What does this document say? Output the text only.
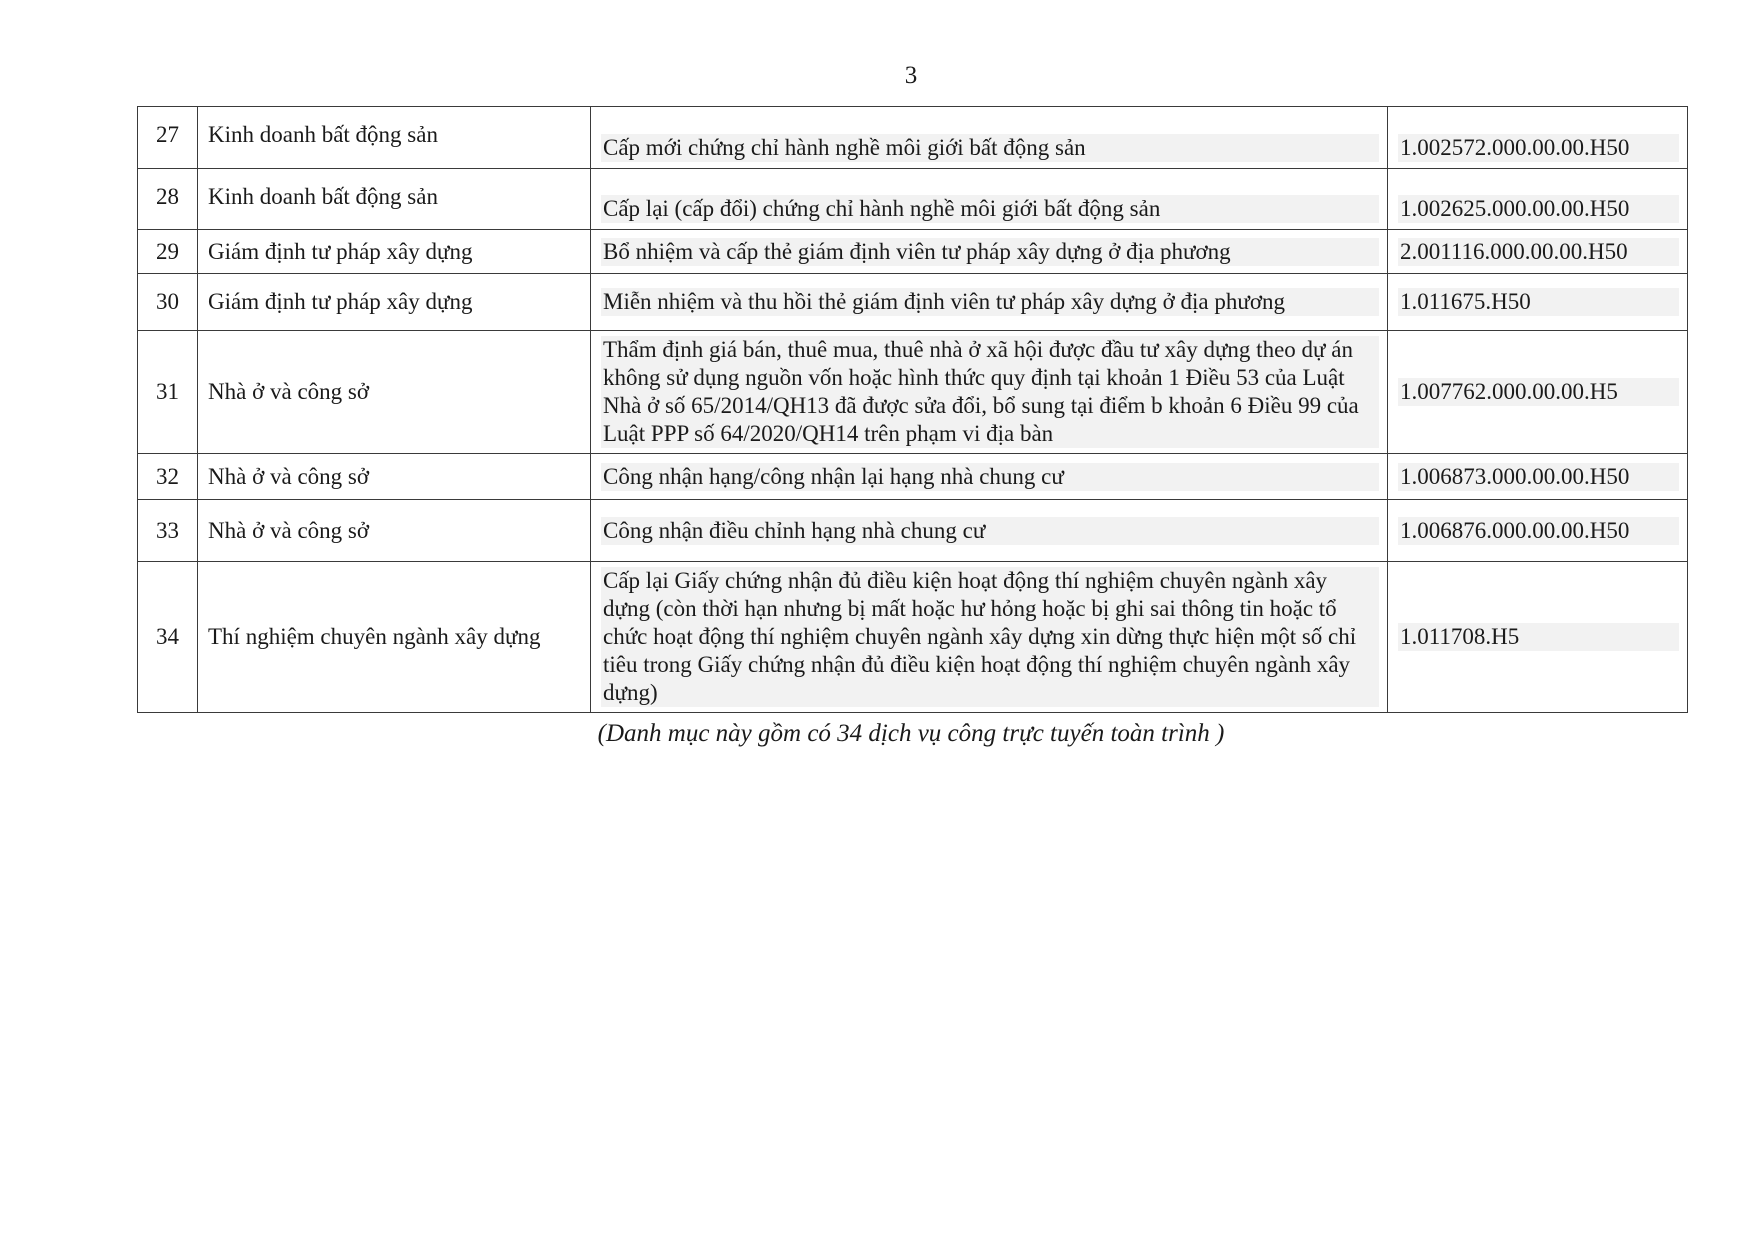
3
27	Kinh doanh bất động sản	Cấp mới chứng chỉ hành nghề môi giới bất động sản	1.002572.000.00.00.H50

28	Kinh doanh bất động sản	Cấp lại (cấp đổi) chứng chỉ hành nghề môi giới bất động sản	1.002625.000.00.00.H50

29	Giám định tư pháp xây dựng	Bổ nhiệm và cấp thẻ giám định viên tư pháp xây dựng ở địa phương	2.001116.000.00.00.H50

30	Giám định tư pháp xây dựng	Miễn nhiệm và thu hồi thẻ giám định viên tư pháp xây dựng ở địa phương	1.011675.H50

31	Nhà ở và công sở	Thẩm định giá bán, thuê mua, thuê nhà ở xã hội được đầu tư xây dựng theo dự án không sử dụng nguồn vốn hoặc hình thức quy định tại khoản 1 Điều 53 của Luật Nhà ở số 65/2014/QH13 đã được sửa đổi, bổ sung tại điểm b khoản 6 Điều 99 của Luật PPP số 64/2020/QH14 trên phạm vi địa bàn	1.007762.000.00.00.H5

32	Nhà ở và công sở	Công nhận hạng/công nhận lại hạng nhà chung cư	1.006873.000.00.00.H50

33	Nhà ở và công sở	Công nhận điều chỉnh hạng nhà chung cư	1.006876.000.00.00.H50

34	Thí nghiệm chuyên ngành xây dựng	Cấp lại Giấy chứng nhận đủ điều kiện hoạt động thí nghiệm chuyên ngành xây dựng (còn thời hạn nhưng bị mất hoặc hư hỏng hoặc bị ghi sai thông tin hoặc tổ chức hoạt động thí nghiệm chuyên ngành xây dựng xin dừng thực hiện một số chỉ tiêu trong Giấy chứng nhận đủ điều kiện hoạt động thí nghiệm chuyên ngành xây dựng)	1.011708.H5
(Danh mục này gồm có 34 dịch vụ công trực tuyến toàn trình )
